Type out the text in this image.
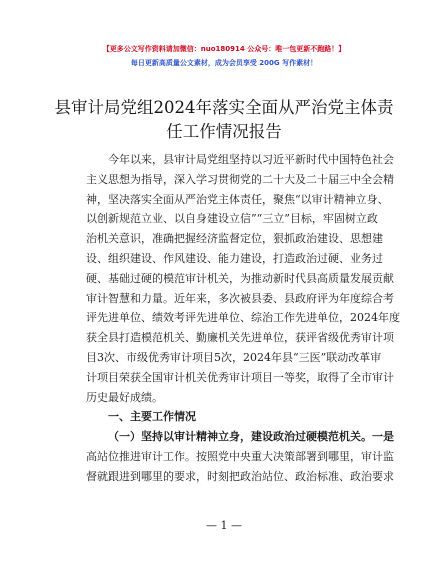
【更多公文写作资料请加微信：nuo180914 公众号：唯一包更新不跑路！】
每日更新高质量公文素材，成为会员享受 200G 写作素材！
县审计局党组2024年落实全面从严治党主体责
任工作情况报告
今年以来，县审计局党组坚持以习近平新时代中国特色社会
主义思想为指导，深入学习贯彻党的二十大及二十届三中全会精
神，坚决落实全面从严治党主体责任，聚焦“以审计精神立身、
以创新规范立业、以自身建设立信”“三立”目标，牢固树立政
治机关意识，准确把握经济监督定位，狠抓政治建设、思想建
设、组织建设、作风建设、能力建设，打造政治过硬、业务过
硬、基础过硬的模范审计机关，为推动新时代县高质量发展贡献
审计智慧和力量。近年来，多次被县委、县政府评为年度综合考
评先进单位、绩效考评先进单位、综治工作先进单位，2024年度
获全县打造模范机关、勤廉机关先进单位，获评省级优秀审计项
目3次、市级优秀审计项目5次，2024年县“三医”联动改革审
计项目荣获全国审计机关优秀审计项目一等奖，取得了全市审计
历史最好成绩。
一、主要工作情况
（一）坚持以审计精神立身，建设政治过硬模范机关。一是
高站位推进审计工作。按照党中央重大决策部署到哪里，审计监
督就跟进到哪里的要求，时刻把政治站位、政治标准、政治要求
— 1 —
